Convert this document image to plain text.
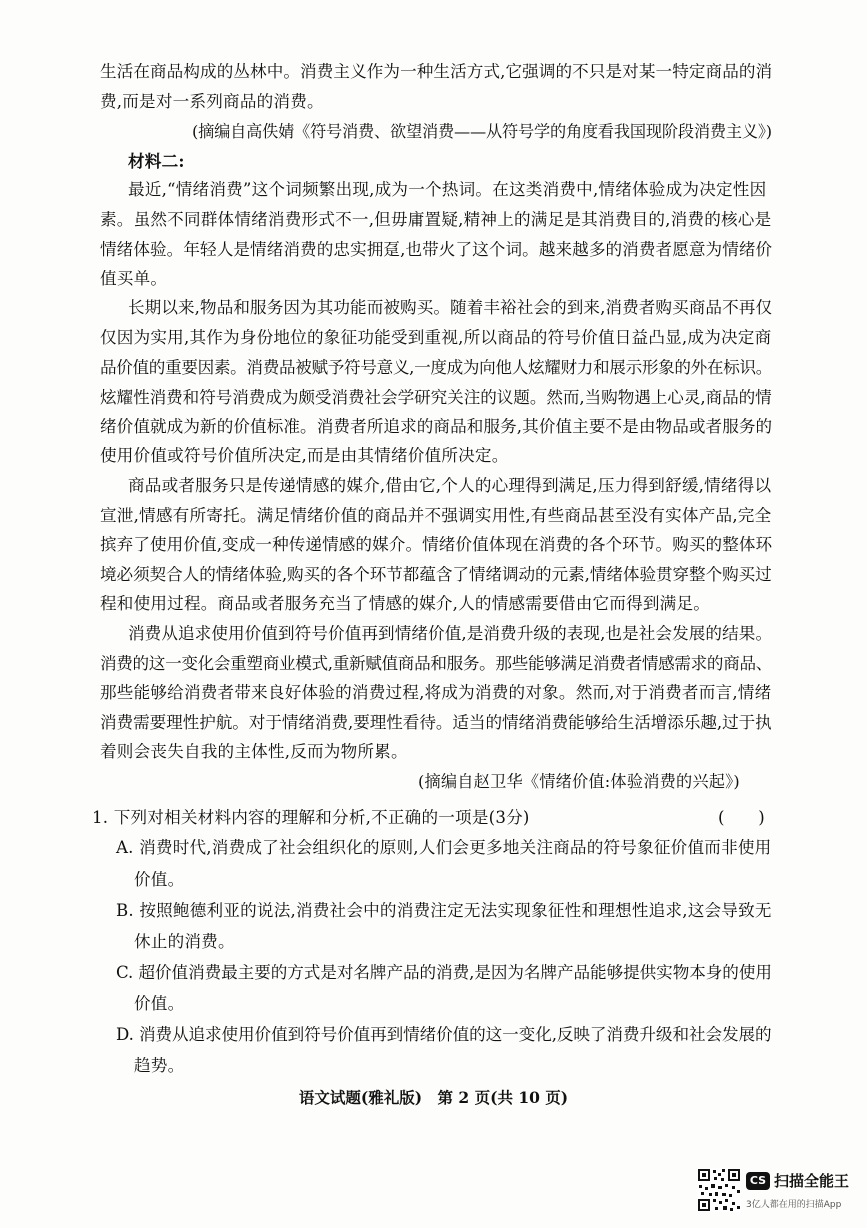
生活在商品构成的丛林中。消费主义作为一种生活方式,它强调的不只是对某一特定商品的消
费,而是对一系列商品的消费。
(摘编自高佚婧《符号消费、欲望消费——从符号学的角度看我国现阶段消费主义》)
材料二:
最近,“情绪消费”这个词频繁出现,成为一个热词。在这类消费中,情绪体验成为决定性因
素。虽然不同群体情绪消费形式不一,但毋庸置疑,精神上的满足是其消费目的,消费的核心是
情绪体验。年轻人是情绪消费的忠实拥趸,也带火了这个词。越来越多的消费者愿意为情绪价
值买单。
长期以来,物品和服务因为其功能而被购买。随着丰裕社会的到来,消费者购买商品不再仅
仅因为实用,其作为身份地位的象征功能受到重视,所以商品的符号价值日益凸显,成为决定商
品价值的重要因素。消费品被赋予符号意义,一度成为向他人炫耀财力和展示形象的外在标识。
炫耀性消费和符号消费成为颇受消费社会学研究关注的议题。然而,当购物遇上心灵,商品的情
绪价值就成为新的价值标准。消费者所追求的商品和服务,其价值主要不是由物品或者服务的
使用价值或符号价值所决定,而是由其情绪价值所决定。
商品或者服务只是传递情感的媒介,借由它,个人的心理得到满足,压力得到舒缓,情绪得以
宣泄,情感有所寄托。满足情绪价值的商品并不强调实用性,有些商品甚至没有实体产品,完全
摈弃了使用价值,变成一种传递情感的媒介。情绪价值体现在消费的各个环节。购买的整体环
境必须契合人的情绪体验,购买的各个环节都蕴含了情绪调动的元素,情绪体验贯穿整个购买过
程和使用过程。商品或者服务充当了情感的媒介,人的情感需要借由它而得到满足。
消费从追求使用价值到符号价值再到情绪价值,是消费升级的表现,也是社会发展的结果。
消费的这一变化会重塑商业模式,重新赋值商品和服务。那些能够满足消费者情感需求的商品、
那些能够给消费者带来良好体验的消费过程,将成为消费的对象。然而,对于消费者而言,情绪
消费需要理性护航。对于情绪消费,要理性看待。适当的情绪消费能够给生活增添乐趣,过于执
着则会丧失自我的主体性,反而为物所累。
(摘编自赵卫华《情绪价值:体验消费的兴起》)
1. 下列对相关材料内容的理解和分析,不正确的一项是(3分)	(　　)
A. 消费时代,消费成了社会组织化的原则,人们会更多地关注商品的符号象征价值而非使用
价值。
B. 按照鲍德利亚的说法,消费社会中的消费注定无法实现象征性和理想性追求,这会导致无
休止的消费。
C. 超价值消费最主要的方式是对名牌产品的消费,是因为名牌产品能够提供实物本身的使用
价值。
D. 消费从追求使用价值到符号价值再到情绪价值的这一变化,反映了消费升级和社会发展的
趋势。
语文试题(雅礼版)　第 2 页(共 10 页)
CS 扫描全能王
3亿人都在用的扫描App
